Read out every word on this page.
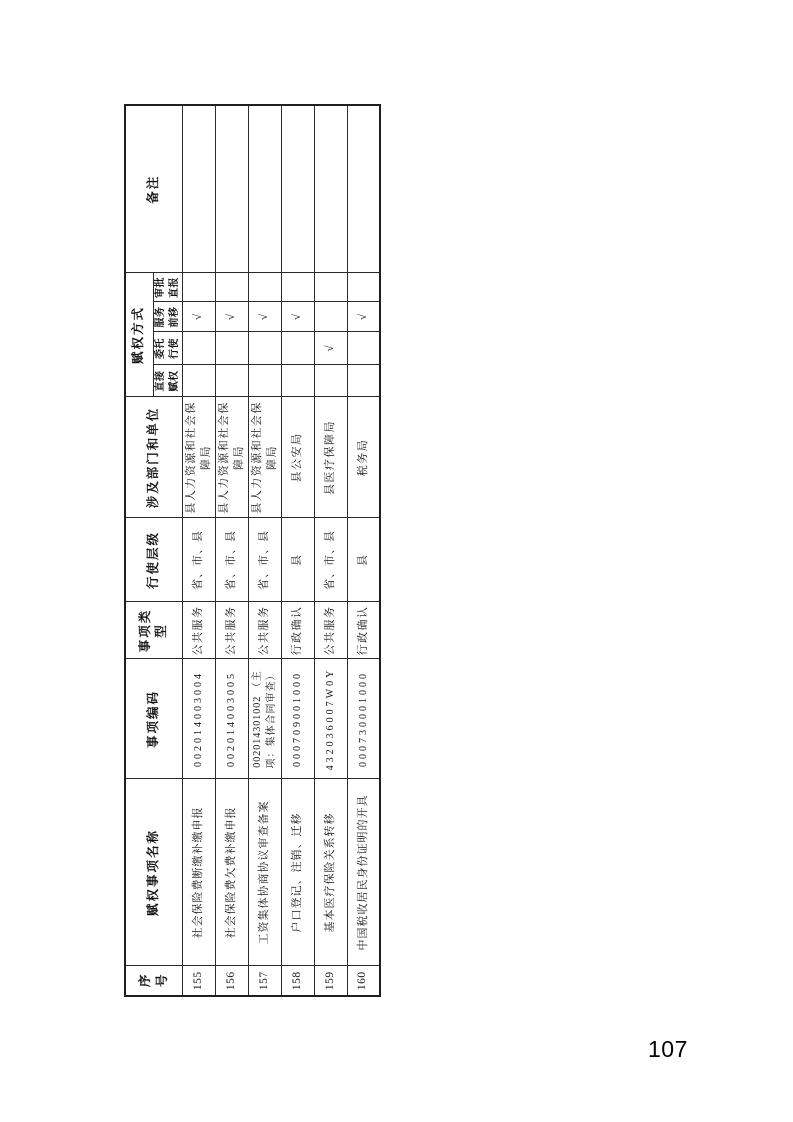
序号	赋权事项名称	事项编码	事项类型	行使层级	涉及部门和单位	赋权方式				备注
						直接赋权	委托行使	服务前移	审批直报	
155	社会保险费断缴补缴申报	002014003004	公共服务	省、市、县	县人力资源和社会保障局			√		
156	社会保险费欠费补缴申报	002014003005	公共服务	省、市、县	县人力资源和社会保障局			√		
157	工资集体协商协议审查备案	002014301002 （主项：集体合同审查）	公共服务	省、市、县	县人力资源和社会保障局			√		
158	户口登记、注销、迁移	000709001000	行政确认	县	县公安局			√		
159	基本医疗保险关系转移	432036007W0Y	公共服务	省、市、县	县医疗保障局		√			
160	中国税收居民身份证明的开具	000730001000	行政确认	县	税务局			√		
107
